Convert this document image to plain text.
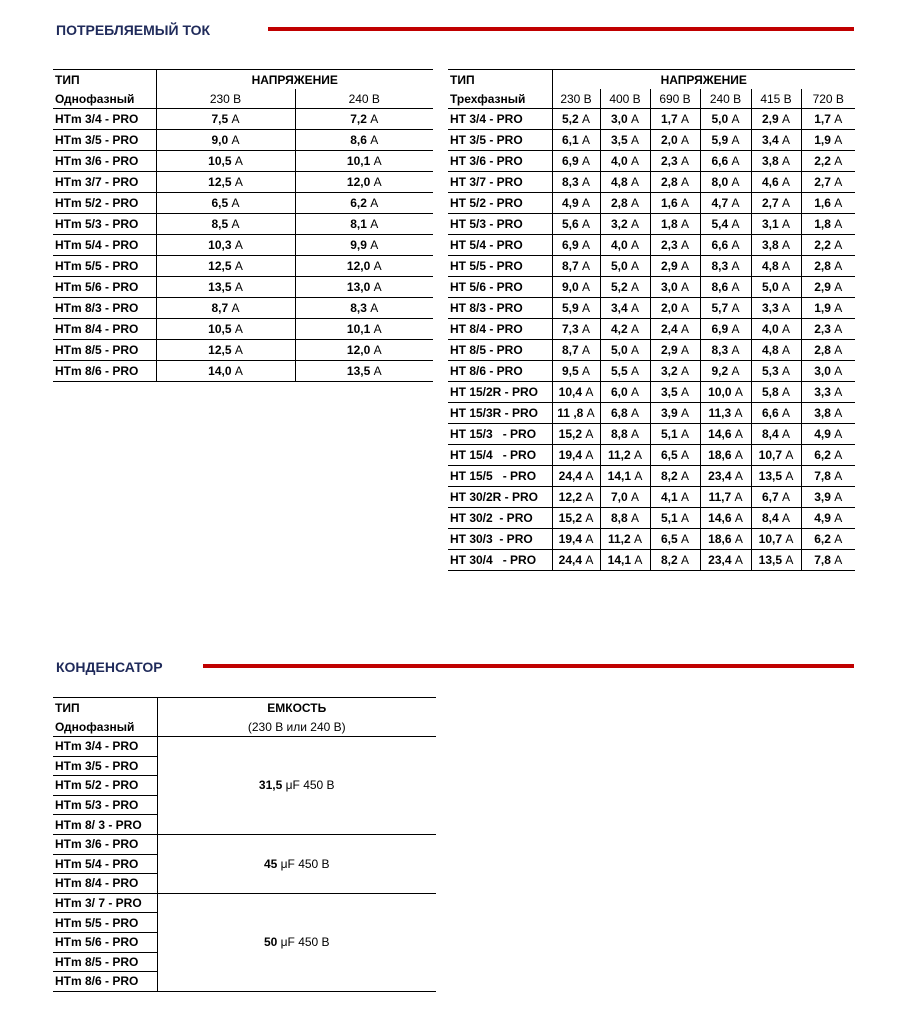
ПОТРЕБЛЯЕМЫЙ ТОК
ТИП	НАПРЯЖЕНИЕ	
Однофазный	230 В	240 В
HTm 3/4 - PRO	7,5 A	7,2 A
HTm 3/5 - PRO	9,0 A	8,6 A
HTm 3/6 - PRO	10,5 A	10,1 A
HTm 3/7 - PRO	12,5 A	12,0 A
HTm 5/2 - PRO	6,5 A	6,2 A
HTm 5/3 - PRO	8,5 A	8,1 A
HTm 5/4 - PRO	10,3 A	9,9 A
HTm 5/5 - PRO	12,5 A	12,0 A
HTm 5/6 - PRO	13,5 A	13,0 A
HTm 8/3 - PRO	8,7 A	8,3 A
HTm 8/4 - PRO	10,5 A	10,1 A
HTm 8/5 - PRO	12,5 A	12,0 A
HTm 8/6 - PRO	14,0 A	13,5 A
ТИП	НАПРЯЖЕНИЕ					
Трехфазный	230 В	400 В	690 В	240 В	415 В	720 В
HT 3/4 - PRO	5,2 A	3,0 A	1,7 A	5,0 A	2,9 A	1,7 A
HT 3/5 - PRO	6,1 A	3,5 A	2,0 A	5,9 A	3,4 A	1,9 A
HT 3/6 - PRO	6,9 A	4,0 A	2,3 A	6,6 A	3,8 A	2,2 A
HT 3/7 - PRO	8,3 A	4,8 A	2,8 A	8,0 A	4,6 A	2,7 A
HT 5/2 - PRO	4,9 A	2,8 A	1,6 A	4,7 A	2,7 A	1,6 A
HT 5/3 - PRO	5,6 A	3,2 A	1,8 A	5,4 A	3,1 A	1,8 A
HT 5/4 - PRO	6,9 A	4,0 A	2,3 A	6,6 A	3,8 A	2,2 A
HT 5/5 - PRO	8,7 A	5,0 A	2,9 A	8,3 A	4,8 A	2,8 A
HT 5/6 - PRO	9,0 A	5,2 A	3,0 A	8,6 A	5,0 A	2,9 A
HT 8/3 - PRO	5,9 A	3,4 A	2,0 A	5,7 A	3,3 A	1,9 A
HT 8/4 - PRO	7,3 A	4,2 A	2,4 A	6,9 A	4,0 A	2,3 A
HT 8/5 - PRO	8,7 A	5,0 A	2,9 A	8,3 A	4,8 A	2,8 A
HT 8/6 - PRO	9,5 A	5,5 A	3,2 A	9,2 A	5,3 A	3,0 A
HT 15/2R - PRO	10,4 A	6,0 A	3,5 A	10,0 A	5,8 A	3,3 A
HT 15/3R - PRO	11 ,8 A	6,8 A	3,9 A	11,3 A	6,6 A	3,8 A
HT 15/3   - PRO	15,2 A	8,8 A	5,1 A	14,6 A	8,4 A	4,9 A
HT 15/4   - PRO	19,4 A	11,2 A	6,5 A	18,6 A	10,7 A	6,2 A
HT 15/5   - PRO	24,4 A	14,1 A	8,2 A	23,4 A	13,5 A	7,8 A
HT 30/2R - PRO	12,2 A	7,0 A	4,1 A	11,7 A	6,7 A	3,9 A
HT 30/2  - PRO	15,2 A	8,8 A	5,1 A	14,6 A	8,4 A	4,9 A
HT 30/3  - PRO	19,4 A	11,2 A	6,5 A	18,6 A	10,7 A	6,2 A
HT 30/4   - PRO	24,4 A	14,1 A	8,2 A	23,4 A	13,5 A	7,8 A
КОНДЕНСАТОР
ТИП	ЕМКОСТЬ
Однофазный	(230 В или 240 В)
HTm 3/4 - PRO	31,5 μF 450 В
HTm 3/5 - PRO	
HTm 5/2 - PRO	
HTm 5/3 - PRO	
HTm 8/ 3 - PRO	
HTm 3/6 - PRO	45 μF 450 В
HTm 5/4 - PRO	
HTm 8/4 - PRO	
HTm 3/ 7 - PRO	50 μF 450 В
HTm 5/5 - PRO	
HTm 5/6 - PRO	
HTm 8/5 - PRO	
HTm 8/6 - PRO	
